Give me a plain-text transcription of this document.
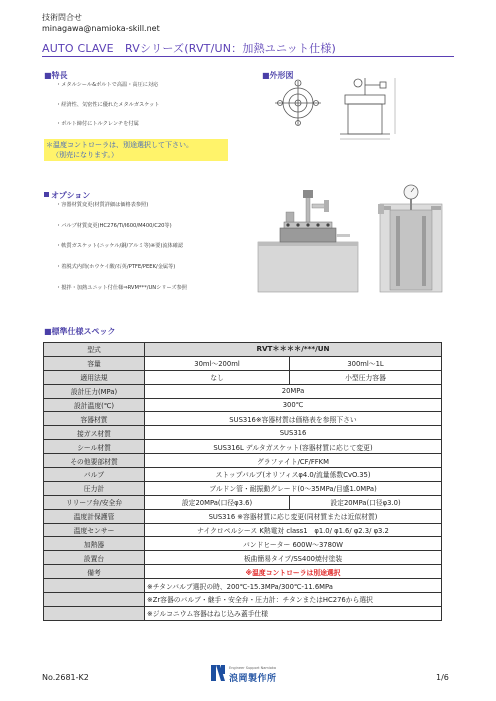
技術問合せ
minagawa@namioka-skill.net
AUTO CLAVE　RVシリーズ(RVT/UN：加熱ユニット仕様)
■特長
・メタルシール&ボルトで高温・高圧に対応
・経済性、気密性に優れたメタルガスケット
・ボルト締付にトルクレンチを付属
＊温度コントローラは、別途選択して下さい。
（別売になります。）
■外形図
オプション
・容器材質変更(材質詳細は価格表参照)
・バルブ材質変更(HC276/Ti/I600/M400/C20等)
・軟質ガスケット(ニッケル/銅/アルミ等)※要)流体確認
・着脱式内筒(ホウケイ酸/石英/PTFE/PEEK/金属等)
・撹拌・加熱ユニット付仕様⇒RVM***/UNシリーズ参照
■標準仕様スペック
型式	RVT＊＊＊＊/***/UN	
容量	30ml～200ml	300ml～1L
適用法規	なし	小型圧力容器
設計圧力(MPa)	20MPa	
設計温度(℃)	300℃	
容器材質	SUS316※容器材質は価格表を参照下さい	
接ガス材質	SUS316	
シール材質	SUS316L デルタガスケット(容器材質に応じて変更)	
その他要部材質	グラファイト/CF/FFKM	
バルブ	ストップバルブ(オリフィスφ4.0/流量係数CvO.35)	
圧力計	ブルドン管・耐振動グレード(0～35MPa/目盛1.0MPa)	
リリーフ弁/安全弁	設定20MPa(口径φ3.6)	設定20MPa(口径φ3.0)
温度計保護管	SUS316 ※容器材質に応じ変更(同材質または近似材質)	
温度センサー	ナイクロペルシース K熱電対 class1　φ1.0/ φ1.6/ φ2.3/ φ3.2	
加熱器	バンドヒーター 600W～3780W	
設置台	板曲簡易タイプ/SS400焼付塗装	
備考	※温度コントローラは別途選択	
	※チタンバルブ選択の時、200℃-15.3MPa/300℃-11.6MPa	
	※Zr容器のバルブ・継手・安全弁・圧力計：チタンまたはHC276から選択	
	※ジルコニウム容器はねじ込み蓋手仕様	
No.2681-K2
Engineer Support Namioka
浪岡製作所	1/6
